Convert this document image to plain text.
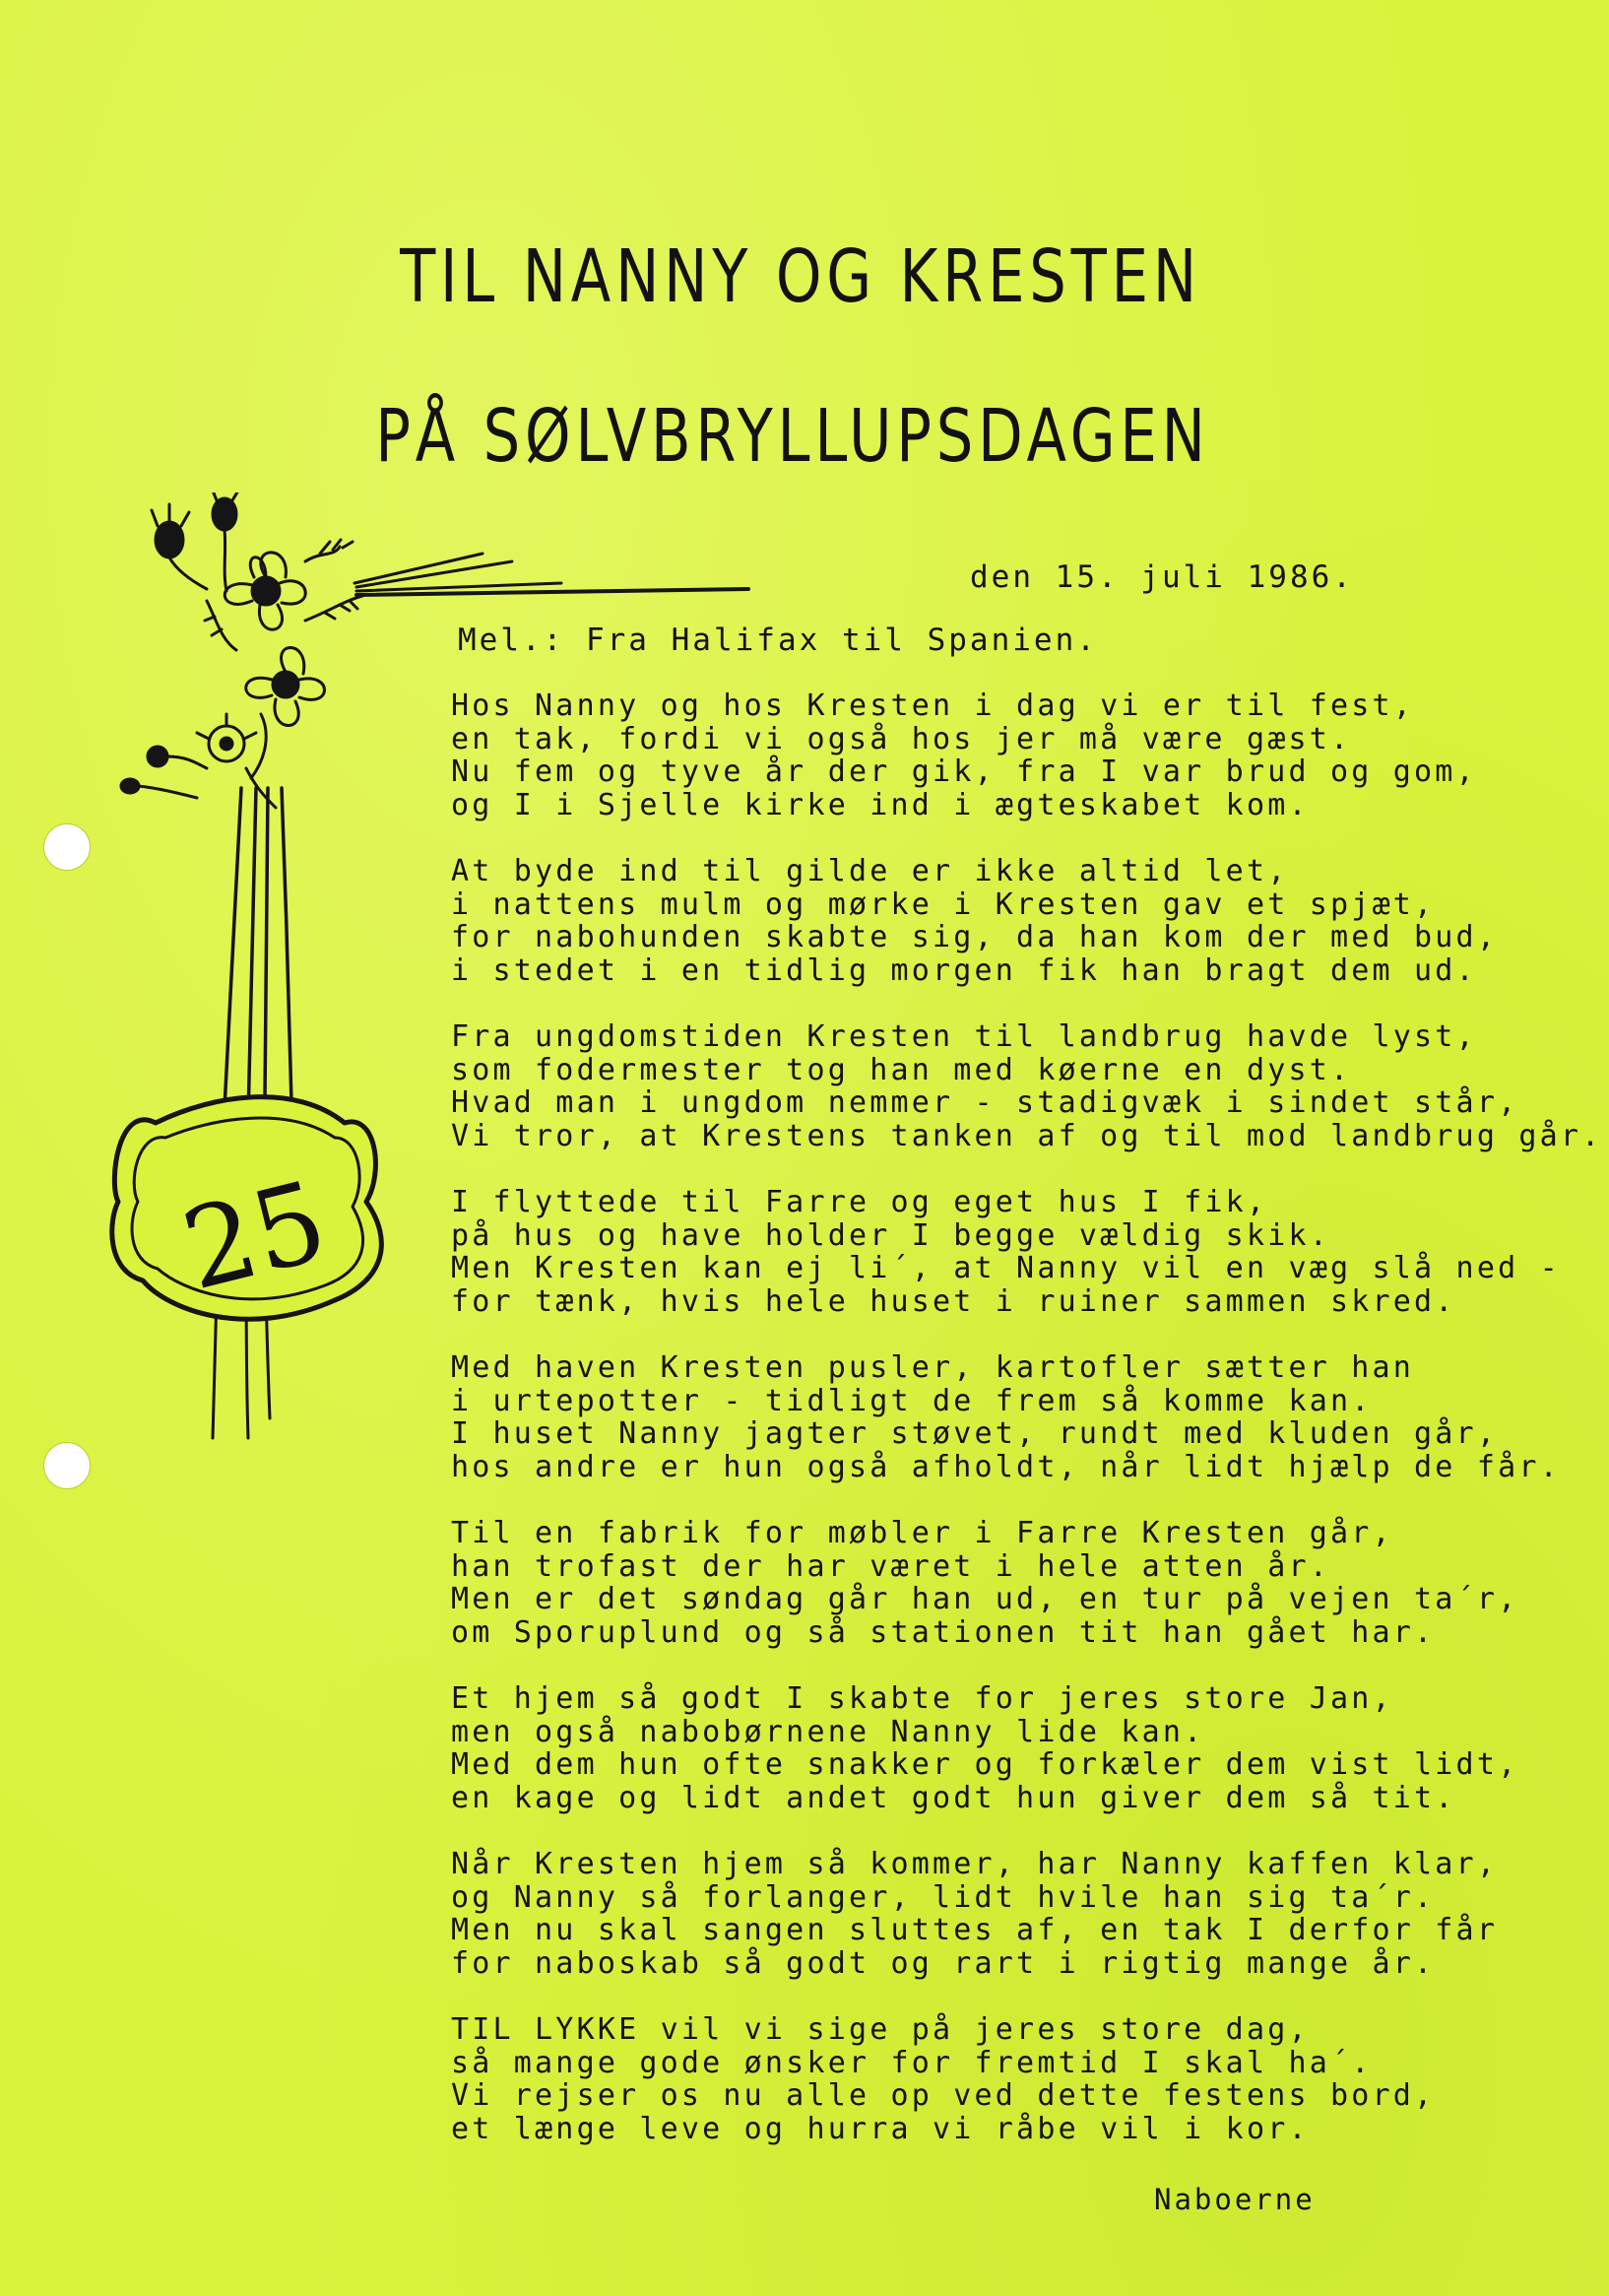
TIL NANNY OG KRESTEN
PÅ SØLVBRYLLUPSDAGEN
25
den 15. juli 1986.
Mel.: Fra Halifax til Spanien.
Hos Nanny og hos Kresten i dag vi er til fest,
en tak, fordi vi også hos jer må være gæst.
Nu fem og tyve år der gik, fra I var brud og gom,
og I i Sjelle kirke ind i ægteskabet kom.
At byde ind til gilde er ikke altid let,
i nattens mulm og mørke i Kresten gav et spjæt,
for nabohunden skabte sig, da han kom der med bud,
i stedet i en tidlig morgen fik han bragt dem ud.
Fra ungdomstiden Kresten til landbrug havde lyst,
som fodermester tog han med køerne en dyst.
Hvad man i ungdom nemmer - stadigvæk i sindet står,
Vi tror, at Krestens tanken af og til mod landbrug går.
I flyttede til Farre og eget hus I fik,
på hus og have holder I begge vældig skik.
Men Kresten kan ej li´, at Nanny vil en væg slå ned -
for tænk, hvis hele huset i ruiner sammen skred.
Med haven Kresten pusler, kartofler sætter han
i urtepotter - tidligt de frem så komme kan.
I huset Nanny jagter støvet, rundt med kluden går,
hos andre er hun også afholdt, når lidt hjælp de får.
Til en fabrik for møbler i Farre Kresten går,
han trofast der har været i hele atten år.
Men er det søndag går han ud, en tur på vejen ta´r,
om Sporuplund og så stationen tit han gået har.
Et hjem så godt I skabte for jeres store Jan,
men også nabobørnene Nanny lide kan.
Med dem hun ofte snakker og forkæler dem vist lidt,
en kage og lidt andet godt hun giver dem så tit.
Når Kresten hjem så kommer, har Nanny kaffen klar,
og Nanny så forlanger, lidt hvile han sig ta´r.
Men nu skal sangen sluttes af, en tak I derfor får
for naboskab så godt og rart i rigtig mange år.
TIL LYKKE vil vi sige på jeres store dag,
så mange gode ønsker for fremtid I skal ha´.
Vi rejser os nu alle op ved dette festens bord,
et længe leve og hurra vi råbe vil i kor.
Naboerne
